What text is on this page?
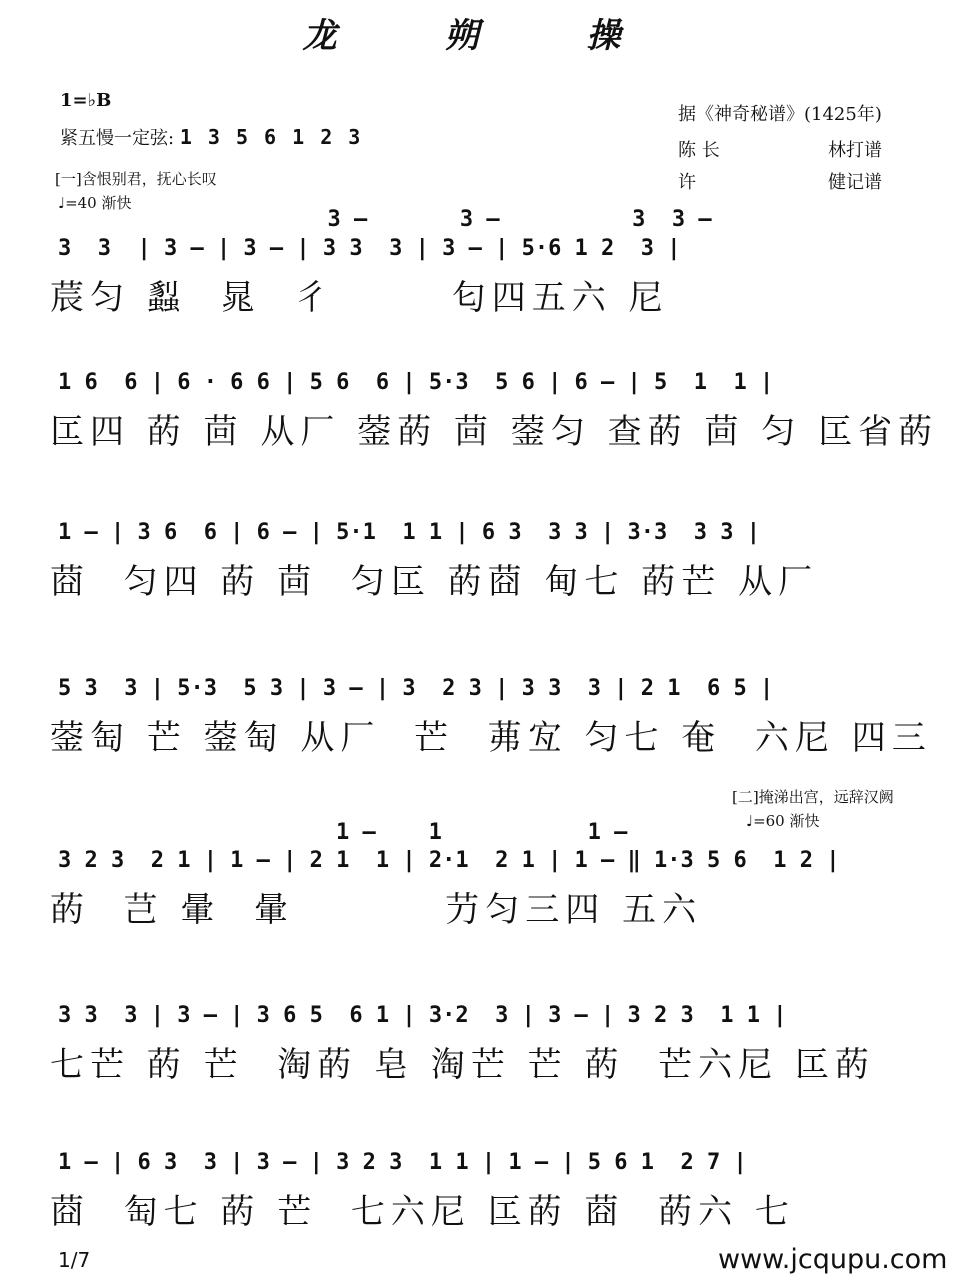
龙 朔 操
1=♭B
紧五慢一定弦: 1 3 5 6 1 2 3
[一]含恨别君，抚心长叹
♩=40 渐快
据《神奇秘谱》(1425年)
陈 长	林打谱
许	健记谱
3 —       3 —          3  3 —
3  3  | 3 — | 3 — | 3 3  3 | 3 — | 5·6 1 2  3 |
莀匀 蠫  晁  彳       匂四五六 尼
1 6  6 | 6 · 6 6 | 5 6  6 | 5·3  5 6 | 6 — | 5  1  1 |
匞四 菂 茴 从厂 蓥菂 茴 蓥匀 查菂 茴 匀 匞省菂
1 — | 3 6  6 | 6 — | 5·1  1 1 | 6 3  3 3 | 3·3  3 3 |
莔  匀四 菂 茴  匀匞 菂莔 甸七 菂芒 从厂
5 3  3 | 5·3  5 3 | 3 — | 3  2 3 | 3 3  3 | 2 1  6 5 |
蓥匋 芒 蓥匋 从厂  芒  茀宐 匀七 奄  六尼 四三
[二]掩涕出宫，远辞汉阙
♩=60 渐快
1 —    1           1 —
3 2 3  2 1 | 1 — | 2 1  1 | 2·1  2 1 | 1 — ‖ 1·3 5 6  1 2 |
菂  芑 暈  暈         芀匀三四 五六
3 3  3 | 3 — | 3 6 5  6 1 | 3·2  3 | 3 — | 3 2 3  1 1 |
七芒 菂 芒  淘菂 皂 淘芒 芒 菂  芒六尼 匞菂
1 — | 6 3  3 | 3 — | 3 2 3  1 1 | 1 — | 5 6 1  2 7 |
莔  匋七 菂 芒  七六尼 匞菂 莔  菂六 七
1/7	www.jcqupu.com
